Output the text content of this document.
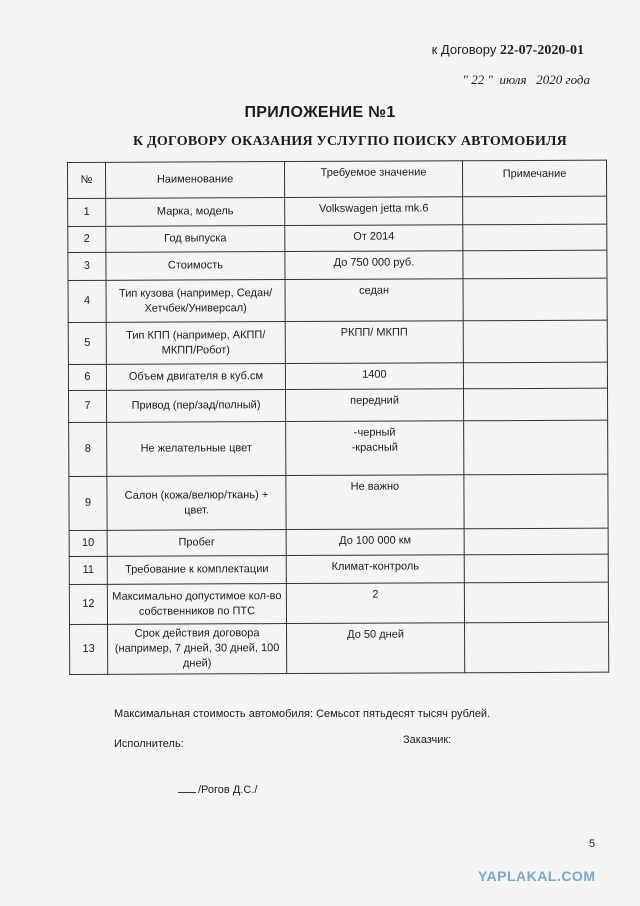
к Договору 22-07-2020-01
" 22 "  июля   2020 года
ПРИЛОЖЕНИЕ №1
К ДОГОВОРУ ОКАЗАНИЯ УСЛУГПО ПОИСКУ АВТОМОБИЛЯ
№	Наименование	Требуемое значение	Примечание
1	Марка, модель	Volkswagen jetta mk.6	
2	Год выпуска	От 2014	
3	Стоимость	До 750 000 руб.	
4	Тип кузова (например, Седан/Хетчбек/Универсал)	седан	
5	Тип КПП (например, АКПП/МКПП/Робот)	РКПП/ МКПП	
6	Объем двигателя в куб.см	1400	
7	Привод (пер/зад/полный)	передний	
8	Не желательные цвет	-черный
-красный	
9	Салон (кожа/велюр/ткань) + цвет.	Не важно	
10	Пробег	До 100 000 км	
11	Требование к комплектации	Климат-контроль	
12	Максимально допустимое кол-во собственников по ПТС	2	
13	Срок действия договора (например, 7 дней, 30 дней, 100 дней)	До 50 дней	
Максимальная стоимость автомобиля: Семьсот пятьдесят тысяч рублей.
Исполнитель:	Заказчик:
/Рогов Д.С./
5
YAPLAKAL.COM
